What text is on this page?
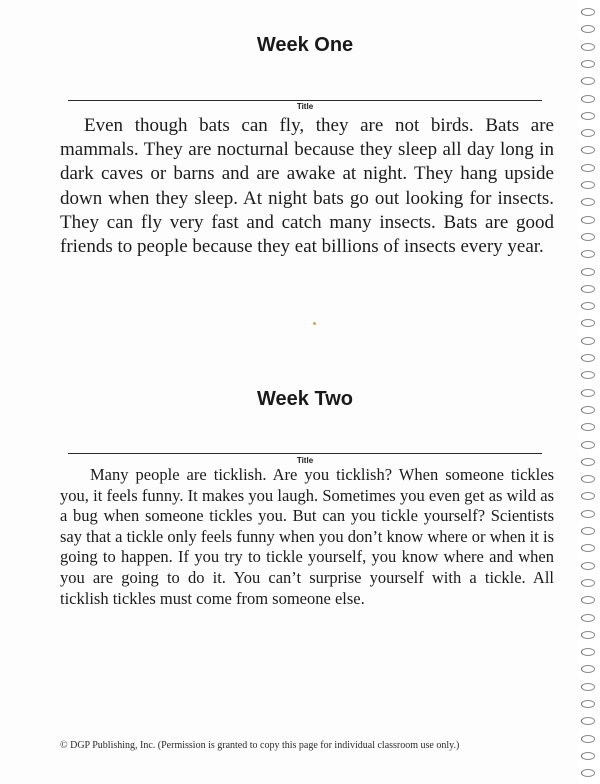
Week One
Title

Even though bats can fly, they are not birds. Bats are mammals. They are nocturnal because they sleep all day long in dark caves or barns and are awake at night. They hang upside down when they sleep. At night bats go out looking for insects. They can fly very fast and catch many insects. Bats are good friends to people because they eat billions of insects every year.

Week Two
Title

Many people are ticklish. Are you ticklish? When someone tickles you, it feels funny. It makes you laugh. Sometimes you even get as wild as a bug when someone tickles you. But can you tickle yourself? Scientists say that a tickle only feels funny when you don’t know where or when it is going to happen. If you try to tickle yourself, you know where and when you are going to do it. You can’t surprise yourself with a tickle. All ticklish tickles must come from someone else.

© DGP Publishing, Inc. (Permission is granted to copy this page for individual classroom use only.)
